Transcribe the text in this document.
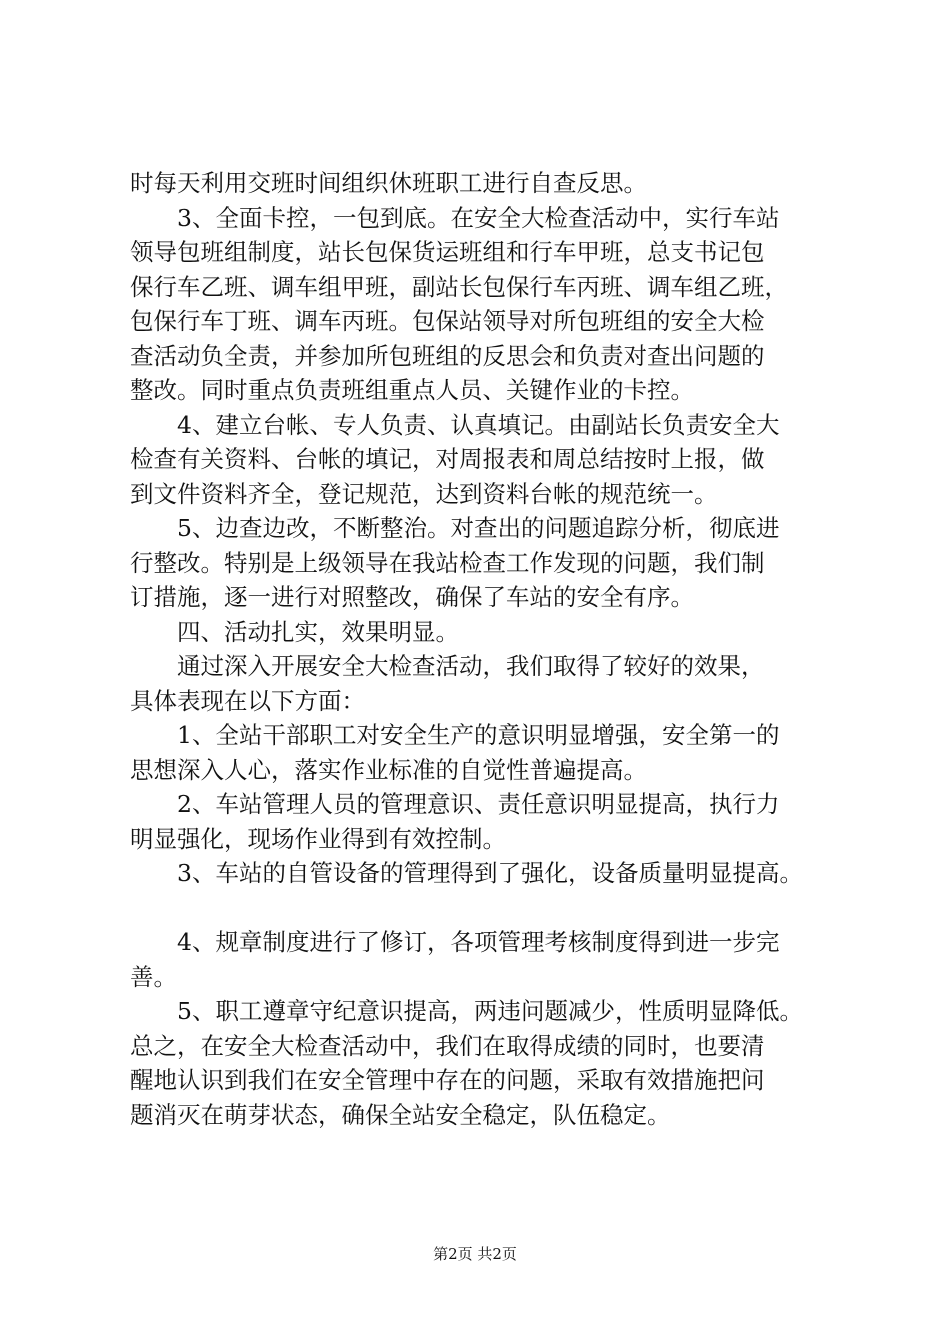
时每天利用交班时间组织休班职工进行自查反思。
3、全面卡控，一包到底。在安全大检查活动中，实行车站
领导包班组制度，站长包保货运班组和行车甲班，总支书记包
保行车乙班、调车组甲班，副站长包保行车丙班、调车组乙班，
包保行车丁班、调车丙班。包保站领导对所包班组的安全大检
查活动负全责，并参加所包班组的反思会和负责对查出问题的
整改。同时重点负责班组重点人员、关键作业的卡控。
4、建立台帐、专人负责、认真填记。由副站长负责安全大
检查有关资料、台帐的填记，对周报表和周总结按时上报，做
到文件资料齐全，登记规范，达到资料台帐的规范统一。
5、边查边改，不断整治。对查出的问题追踪分析，彻底进
行整改。特别是上级领导在我站检查工作发现的问题，我们制
订措施，逐一进行对照整改，确保了车站的安全有序。
四、活动扎实，效果明显。
通过深入开展安全大检查活动，我们取得了较好的效果，
具体表现在以下方面：
1、全站干部职工对安全生产的意识明显增强，安全第一的
思想深入人心，落实作业标准的自觉性普遍提高。
2、车站管理人员的管理意识、责任意识明显提高，执行力
明显强化，现场作业得到有效控制。
3、车站的自管设备的管理得到了强化，设备质量明显提高。
4、规章制度进行了修订，各项管理考核制度得到进一步完
善。
5、职工遵章守纪意识提高，两违问题减少，性质明显降低。
总之，在安全大检查活动中，我们在取得成绩的同时，也要清
醒地认识到我们在安全管理中存在的问题，采取有效措施把问
题消灭在萌芽状态，确保全站安全稳定，队伍稳定。
第2页 共2页
